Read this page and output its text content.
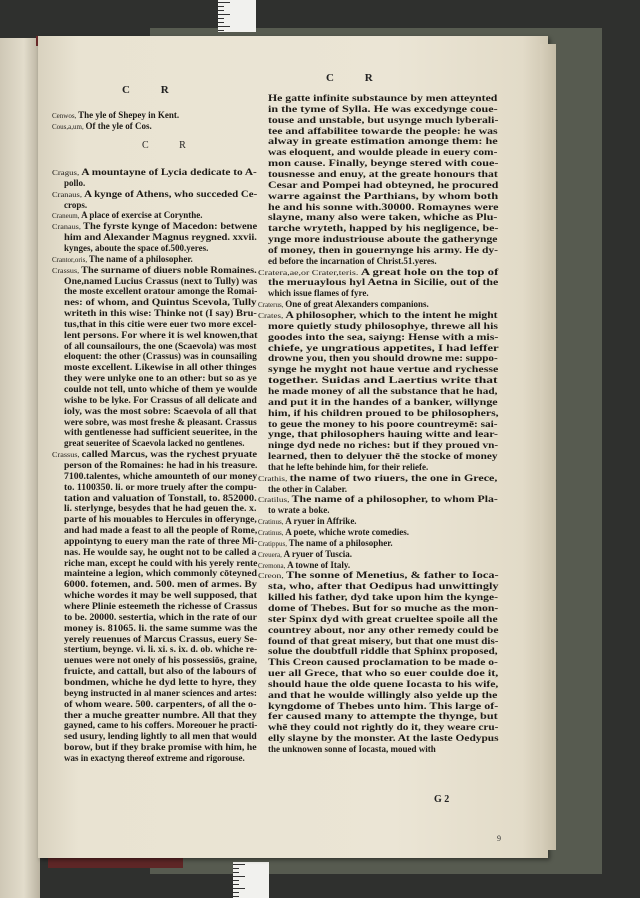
C R
C R
C R
Cenwos, The yle of Shepey in Kent.
Cous,a,um, Of the yle of Cos.
Cragus, A mountayne of Lycia dedicate to A-
pollo.
Cranaus, A kynge of Athens, who succeded Ce-
crops.
Craneum, A place of exercise at Corynthe.
Cranaus, The fyrste kynge of Macedon: betwene
him and Alexander Magnus reygned. xxvii.
kynges, aboute the space of.500.yeres.
Crantor,oris, The name of a philosopher.
Crassus, The surname of diuers noble Romaines.
One,named Lucius Crassus (next to Tully) was
the moste excellent oratour amonge the Romai-
nes: of whom, and Quintus Scevola, Tully
writeth in this wise: Thinke not (I say) Bru-
tus,that in this citie were euer two more excel-
lent persons. For where it is wel knowen,that
of all counsailours, the one (Scaevola) was most
eloquent: the other (Crassus) was in counsailing
moste excellent. Likewise in all other thinges
they were unlyke one to an other: but so as ye
coulde not tell, unto whiche of them ye woulde
wishe to be lyke. For Crassus of all delicate and
ioly, was the most sobre: Scaevola of all that
were sobre, was most freshe & pleasant. Crassus
with gentlenesse had sufficient seueritee, in the
great seueritee of Scaevola lacked no gentlenes.
Crassus, called Marcus, was the rychest pryuate
person of the Romaines: he had in his treasure.
7100.talentes, whiche amounteth of our money
to. 1100350. li. or more truely after the compu-
tation and valuation of Tonstall, to. 852000.
li. sterlynge, besydes that he had geuen the. x.
parte of his mouables to Hercules in offerynge,
and had made a feast to all the people of Rome,
appointyng to euery man the rate of three Mi-
nas. He woulde say, he ought not to be called a
riche man, except he could with his yerely rente
mainteine a legion, which commonly cōteyned
6000. fotemen, and. 500. men of armes. By
whiche wordes it may be well supposed, that
where Plinie esteemeth the richesse of Crassus
to be. 20000. sestertia, which in the rate of our
money is. 81065. li. the same summe was the
yerely reuenues of Marcus Crassus, euery Se-
stertium, beynge. vi. li. xi. s. ix. d. ob. whiche re-
uenues were not onely of his possessiōs, graine,
fruicte, and cattall, but also of the labours of
bondmen, whiche he dyd lette to hyre, they
beyng instructed in al maner sciences and artes:
of whom weare. 500. carpenters, of all the o-
ther a muche greatter numbre. All that they
gayned, came to his coffers. Moreouer he practi-
sed usury, lending lightly to all men that would
borow, but if they brake promise with him, he
was in exactyng thereof extreme and rigorouse.
He gatte infinite substaunce by men atteynted
in the tyme of Sylla. He was excedynge coue-
touse and unstable, but usynge much lyberali-
tee and affabilitee towarde the people: he was
alway in greate estimation amonge them: he
was eloquent, and woulde pleade in euery com-
mon cause. Finally, beynge stered with coue-
tousnesse and enuy, at the greate honours that
Cesar and Pompei had obteyned, he procured
warre against the Parthians, by whom both
he and his sonne with.30000. Romaynes were
slayne, many also were taken, whiche as Plu-
tarche wryteth, happed by his negligence, be-
ynge more industriouse aboute the gatherynge
of money, then in gouernynge his army. He dy-
ed before the incarnation of Christ.51.yeres.
Cratera,ae,or Crater,teris. A great hole on the top of
the meruaylous hyl Aetna in Sicilie, out of the
which issue flames of fyre.
Craterus, One of great Alexanders companions.
Crates, A philosopher, which to the intent he might
more quietly study philosophye, threwe all his
goodes into the sea, saiyng: Hense with a mis-
chiefe, ye ungratious appetites, I had leffer
drowne you, then you should drowne me: suppo-
synge he myght not haue vertue and rychesse
together. Suidas and Laertius write that
he made money of all the substance that he had,
and put it in the handes of a banker, willynge
him, if his children proued to be philosophers,
to geue the money to his poore countreymē: sai-
ynge, that philosophers hauing witte and lear-
ninge dyd nede no riches: but if they proued vn-
learned, then to delyuer thē the stocke of money
that he lefte behinde him, for their reliefe.
Crathis, the name of two riuers, the one in Grece,
the other in Calaber.
Cratilus, The name of a philosopher, to whom Pla-
to wrate a boke.
Cratinus, A ryuer in Affrike.
Cratinus, A poete, whiche wrote comedies.
Cratippus, The name of a philosopher.
Creuera, A ryuer of Tuscia.
Cremona, A towne of Italy.
Creon, The sonne of Menetius, & father to Ioca-
sta, who, after that Oedipus had unwittingly
killed his father, dyd take upon him the kynge-
dome of Thebes. But for so muche as the mon-
ster Spinx dyd with great crueltee spoile all the
countrey about, nor any other remedy could be
found of that great misery, but that one must dis-
solue the doubtfull riddle that Sphinx proposed,
This Creon caused proclamation to be made o-
uer all Grece, that who so euer coulde doe it,
should haue the olde quene Iocasta to his wife,
and that he woulde willingly also yelde up the
kyngdome of Thebes unto him. This large of-
fer caused many to attempte the thynge, but
whē they could not rightly do it, they weare cru-
elly slayne by the monster. At the laste Oedypus
the unknowen sonne of Iocasta, moued with
G 2
9
